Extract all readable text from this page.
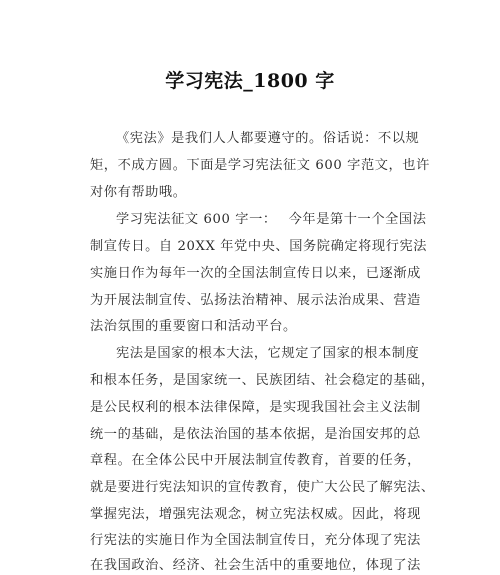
学习宪法_1800 字
《宪法》是我们人人都要遵守的。俗话说：不以规
矩，不成方圆。下面是学习宪法征文 600 字范文，也许
对你有帮助哦。
学习宪法征文 600 字一：　 今年是第十一个全国法
制宣传日。自 20XX 年党中央、国务院确定将现行宪法
实施日作为每年一次的全国法制宣传日以来，已逐渐成
为开展法制宣传、弘扬法治精神、展示法治成果、营造
法治氛围的重要窗口和活动平台。
宪法是国家的根本大法，它规定了国家的根本制度
和根本任务，是国家统一、民族团结、社会稳定的基础，
是公民权利的根本法律保障，是实现我国社会主义法制
统一的基础，是依法治国的基本依据，是治国安邦的总
章程。在全体公民中开展法制宣传教育，首要的任务，
就是要进行宪法知识的宣传教育，使广大公民了解宪法、
掌握宪法，增强宪法观念，树立宪法权威。因此，将现
行宪法的实施日作为全国法制宣传日，充分体现了宪法
在我国政治、经济、社会生活中的重要地位，体现了法
